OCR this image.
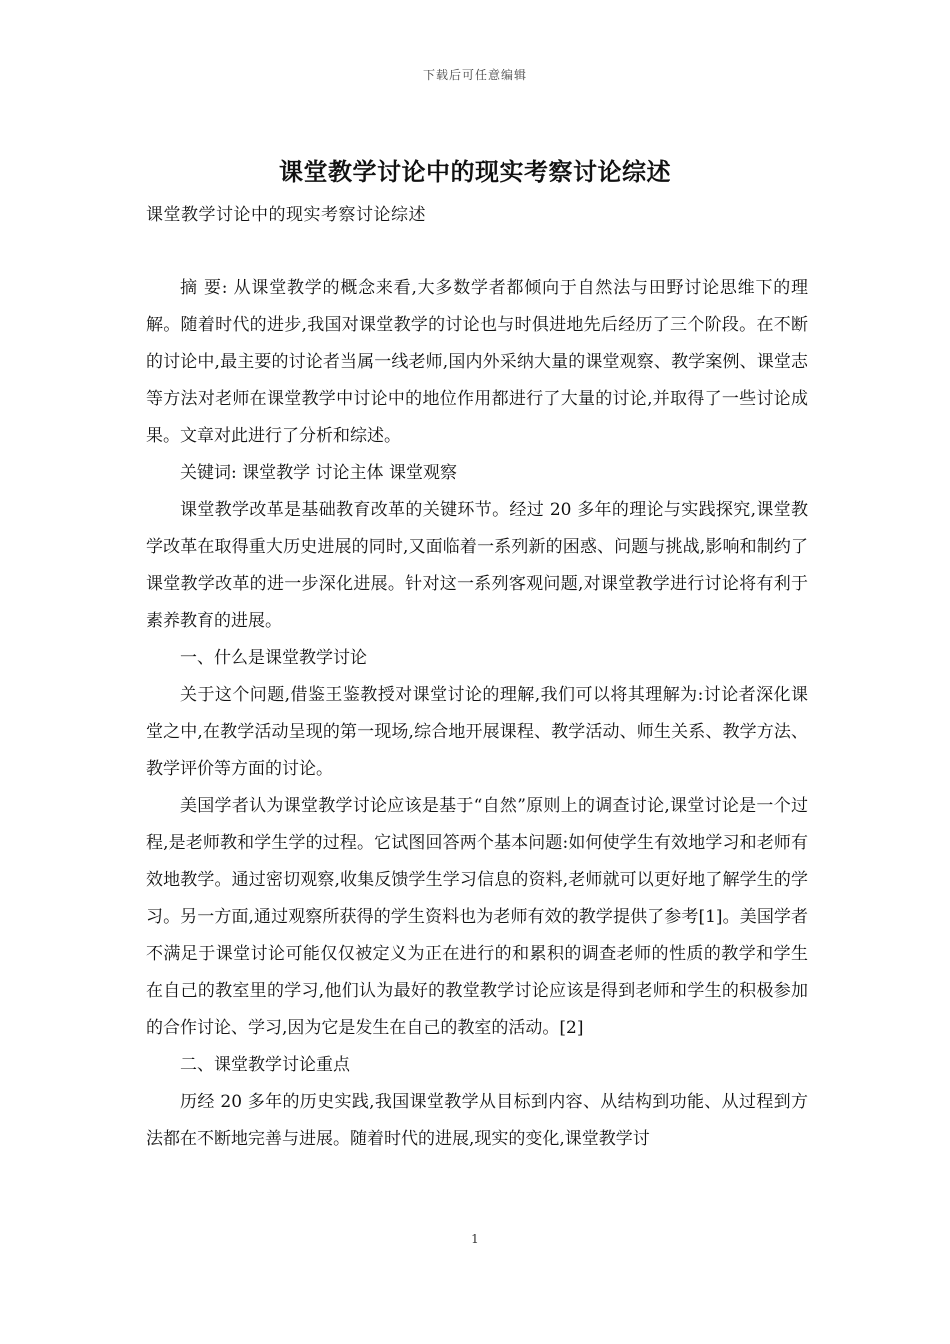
下载后可任意编辑
课堂教学讨论中的现实考察讨论综述
课堂教学讨论中的现实考察讨论综述

摘 要: 从课堂教学的概念来看,大多数学者都倾向于自然法与田野讨论思维下的理解。随着时代的进步,我国对课堂教学的讨论也与时俱进地先后经历了三个阶段。在不断的讨论中,最主要的讨论者当属一线老师,国内外采纳大量的课堂观察、教学案例、课堂志等方法对老师在课堂教学中讨论中的地位作用都进行了大量的讨论,并取得了一些讨论成果。文章对此进行了分析和综述。

关键词: 课堂教学 讨论主体 课堂观察

课堂教学改革是基础教育改革的关键环节。经过 20 多年的理论与实践探究,课堂教学改革在取得重大历史进展的同时,又面临着一系列新的困惑、问题与挑战,影响和制约了课堂教学改革的进一步深化进展。针对这一系列客观问题,对课堂教学进行讨论将有利于素养教育的进展。

一、什么是课堂教学讨论

关于这个问题,借鉴王鉴教授对课堂讨论的理解,我们可以将其理解为:讨论者深化课堂之中,在教学活动呈现的第一现场,综合地开展课程、教学活动、师生关系、教学方法、教学评价等方面的讨论。

美国学者认为课堂教学讨论应该是基于“自然”原则上的调查讨论,课堂讨论是一个过程,是老师教和学生学的过程。它试图回答两个基本问题:如何使学生有效地学习和老师有效地教学。通过密切观察,收集反馈学生学习信息的资料,老师就可以更好地了解学生的学习。另一方面,通过观察所获得的学生资料也为老师有效的教学提供了参考[1]。美国学者不满足于课堂讨论可能仅仅被定义为正在进行的和累积的调查老师的性质的教学和学生在自己的教室里的学习,他们认为最好的教堂教学讨论应该是得到老师和学生的积极参加的合作讨论、学习,因为它是发生在自己的教室的活动。[2]

二、课堂教学讨论重点

历经 20 多年的历史实践,我国课堂教学从目标到内容、从结构到功能、从过程到方法都在不断地完善与进展。随着时代的进展,现实的变化,课堂教学讨

1
